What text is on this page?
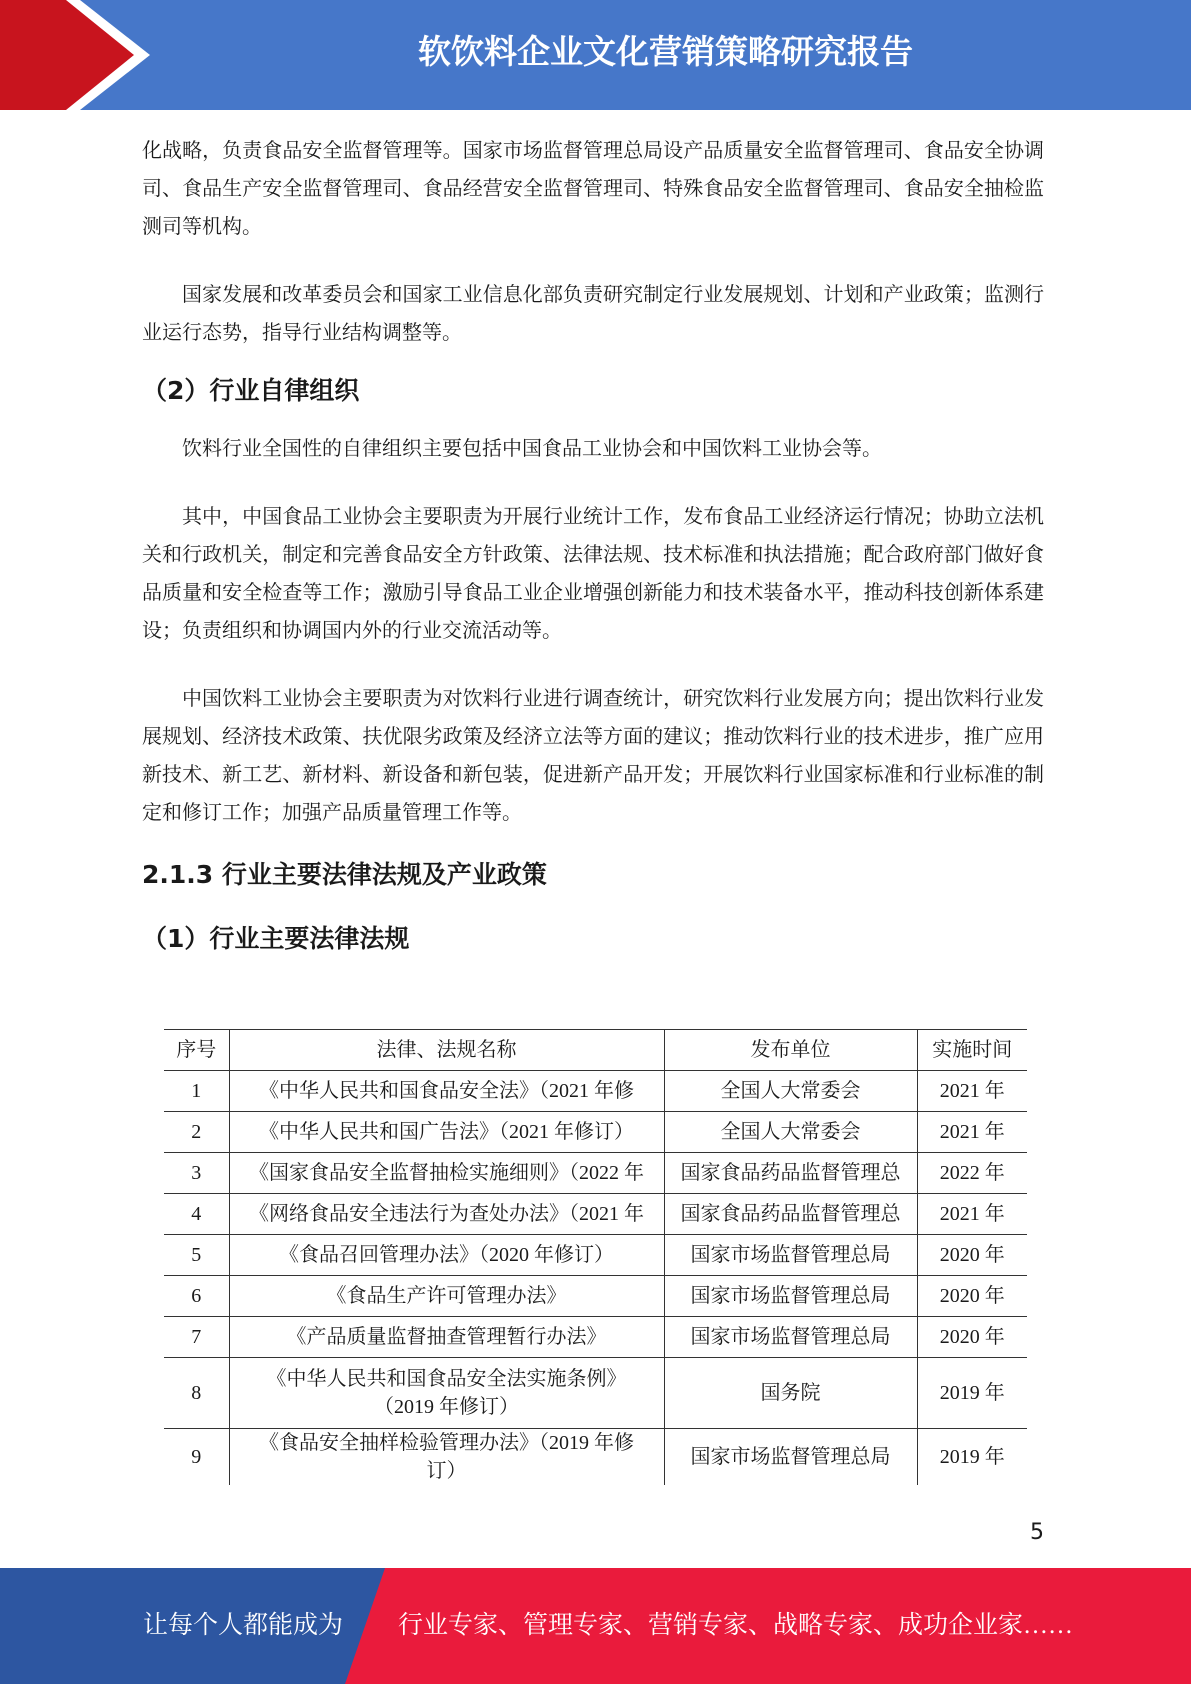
软饮料企业文化营销策略研究报告

化战略，负责食品安全监督管理等。国家市场监督管理总局设产品质量安全监督管理司、食品安全协调司、食品生产安全监督管理司、食品经营安全监督管理司、特殊食品安全监督管理司、食品安全抽检监测司等机构。

国家发展和改革委员会和国家工业信息化部负责研究制定行业发展规划、计划和产业政策；监测行业运行态势，指导行业结构调整等。

（2）行业自律组织

饮料行业全国性的自律组织主要包括中国食品工业协会和中国饮料工业协会等。

其中，中国食品工业协会主要职责为开展行业统计工作，发布食品工业经济运行情况；协助立法机关和行政机关，制定和完善食品安全方针政策、法律法规、技术标准和执法措施；配合政府部门做好食品质量和安全检查等工作；激励引导食品工业企业增强创新能力和技术装备水平，推动科技创新体系建设；负责组织和协调国内外的行业交流活动等。

中国饮料工业协会主要职责为对饮料行业进行调查统计，研究饮料行业发展方向；提出饮料行业发展规划、经济技术政策、扶优限劣政策及经济立法等方面的建议；推动饮料行业的技术进步，推广应用新技术、新工艺、新材料、新设备和新包装，促进新产品开发；开展饮料行业国家标准和行业标准的制定和修订工作；加强产品质量管理工作等。

2.1.3 行业主要法律法规及产业政策
（1）行业主要法律法规
序号	法律、法规名称	发布单位	实施时间
1	《中华人民共和国食品安全法》（2021 年修	全国人大常委会	2021 年
2	《中华人民共和国广告法》（2021 年修订）	全国人大常委会	2021 年
3	《国家食品安全监督抽检实施细则》（2022 年	国家食品药品监督管理总	2022 年
4	《网络食品安全违法行为查处办法》（2021 年	国家食品药品监督管理总	2021 年
5	《食品召回管理办法》（2020 年修订）	国家市场监督管理总局	2020 年
6	《食品生产许可管理办法》	国家市场监督管理总局	2020 年
7	《产品质量监督抽查管理暂行办法》	国家市场监督管理总局	2020 年
8	《中华人民共和国食品安全法实施条例》
（2019 年修订）	国务院	2019 年
9	《食品安全抽样检验管理办法》（2019 年修
订）	国家市场监督管理总局	2019 年
5
让每个人都能成为 行业专家、管理专家、营销专家、战略专家、成功企业家……
